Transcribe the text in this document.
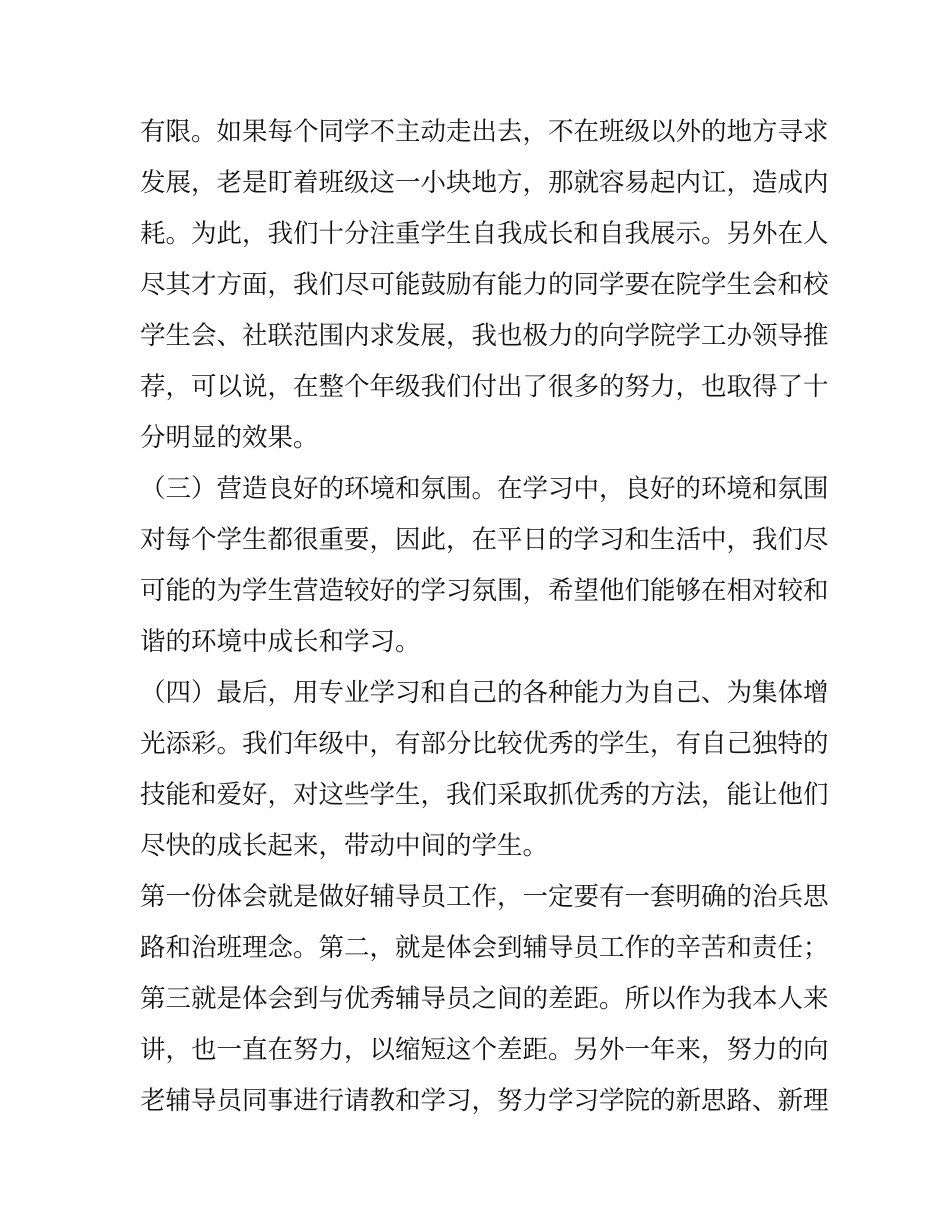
有限。如果每个同学不主动走出去，不在班级以外的地方寻求
发展，老是盯着班级这一小块地方，那就容易起内讧，造成内
耗。为此，我们十分注重学生自我成长和自我展示。另外在人
尽其才方面，我们尽可能鼓励有能力的同学要在院学生会和校
学生会、社联范围内求发展，我也极力的向学院学工办领导推
荐，可以说，在整个年级我们付出了很多的努力，也取得了十
分明显的效果。
（三）营造良好的环境和氛围。在学习中，良好的环境和氛围
对每个学生都很重要，因此，在平日的学习和生活中，我们尽
可能的为学生营造较好的学习氛围，希望他们能够在相对较和
谐的环境中成长和学习。
（四）最后，用专业学习和自己的各种能力为自己、为集体增
光添彩。我们年级中，有部分比较优秀的学生，有自己独特的
技能和爱好，对这些学生，我们采取抓优秀的方法，能让他们
尽快的成长起来，带动中间的学生。
第一份体会就是做好辅导员工作，一定要有一套明确的治兵思
路和治班理念。第二，就是体会到辅导员工作的辛苦和责任；
第三就是体会到与优秀辅导员之间的差距。所以作为我本人来
讲，也一直在努力，以缩短这个差距。另外一年来，努力的向
老辅导员同事进行请教和学习，努力学习学院的新思路、新理
